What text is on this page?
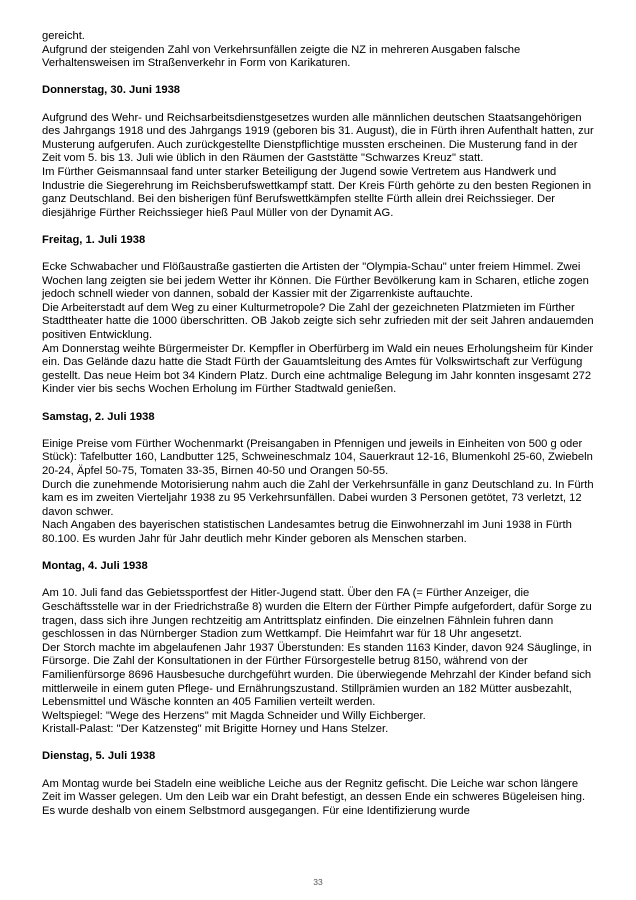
gereicht.
Aufgrund der steigenden Zahl von Verkehrsunfällen zeigte die NZ in mehreren Ausgaben falsche Verhaltensweisen im Straßenverkehr in Form von Karikaturen.
Donnerstag, 30. Juni 1938
Aufgrund des Wehr- und Reichsarbeitsdienstgesetzes wurden alle männlichen deutschen Staatsangehörigen des Jahrgangs 1918 und des Jahrgangs 1919 (geboren bis 31. August), die in Fürth ihren Aufenthalt hatten, zur Musterung aufgerufen. Auch zurückgestellte Dienstpflichtige mussten erscheinen. Die Musterung fand in der Zeit vom 5. bis 13. Juli wie üblich in den Räumen der Gaststätte "Schwarzes Kreuz" statt.
Im Fürther Geismannsaal fand unter starker Beteiligung der Jugend sowie Vertretem aus Handwerk und Industrie die Siegerehrung im Reichsberufswettkampf statt. Der Kreis Fürth gehörte zu den besten Regionen in ganz Deutschland. Bei den bisherigen fünf Berufswettkämpfen stellte Fürth allein drei Reichssieger. Der diesjährige Fürther Reichssieger hieß Paul Müller von der Dynamit AG.
Freitag, 1. Juli 1938
Ecke Schwabacher und Flößaustraße gastierten die Artisten der "Olympia-Schau" unter freiem Himmel. Zwei Wochen lang zeigten sie bei jedem Wetter ihr Können. Die Fürther Bevölkerung kam in Scharen, etliche zogen jedoch schnell wieder von dannen, sobald der Kassier mit der Zigarrenkiste auftauchte.
Die Arbeiterstadt auf dem Weg zu einer Kulturmetropole? Die Zahl der gezeichneten Platzmieten im Fürther Stadttheater hatte die 1000 überschritten. OB Jakob zeigte sich sehr zufrieden mit der seit Jahren andauemden positiven Entwicklung.
Am Donnerstag weihte Bürgermeister Dr. Kempfler in Oberfürberg im Wald ein neues Erholungsheim für Kinder ein. Das Gelände dazu hatte die Stadt Fürth der Gauamtsleitung des Amtes für Volkswirtschaft zur Verfügung gestellt. Das neue Heim bot 34 Kindern Platz. Durch eine achtmalige Belegung im Jahr konnten insgesamt 272 Kinder vier bis sechs Wochen Erholung im Fürther Stadtwald genießen.
Samstag, 2. Juli 1938
Einige Preise vom Fürther Wochenmarkt (Preisangaben in Pfennigen und jeweils in Einheiten von 500 g oder Stück): Tafelbutter 160, Landbutter 125, Schweineschmalz 104, Sauerkraut 12-16, Blumenkohl 25-60, Zwiebeln 20-24, Äpfel 50-75, Tomaten 33-35, Birnen 40-50 und Orangen 50-55.
Durch die zunehmende Motorisierung nahm auch die Zahl der Verkehrsunfälle in ganz Deutschland zu. In Fürth kam es im zweiten Vierteljahr 1938 zu 95 Verkehrsunfällen. Dabei wurden 3 Personen getötet, 73 verletzt, 12 davon schwer.
Nach Angaben des bayerischen statistischen Landesamtes betrug die Einwohnerzahl im Juni 1938 in Fürth 80.100. Es wurden Jahr für Jahr deutlich mehr Kinder geboren als Menschen starben.
Montag, 4. Juli 1938
Am 10. Juli fand das Gebietssportfest der Hitler-Jugend statt. Über den FA (= Fürther Anzeiger, die Geschäftsstelle war in der Friedrichstraße 8) wurden die Eltern der Fürther Pimpfe aufgefordert, dafür Sorge zu tragen, dass sich ihre Jungen rechtzeitig am Antrittsplatz einfinden. Die einzelnen Fähnlein fuhren dann geschlossen in das Nürnberger Stadion zum Wettkampf. Die Heimfahrt war für 18 Uhr angesetzt.
Der Storch machte im abgelaufenen Jahr 1937 Überstunden: Es standen 1163 Kinder, davon 924 Säuglinge, in Fürsorge. Die Zahl der Konsultationen in der Fürther Fürsorgestelle betrug 8150, während von der Familienfürsorge 8696 Hausbesuche durchgeführt wurden. Die überwiegende Mehrzahl der Kinder befand sich mittlerweile in einem guten Pflege- und Ernährungszustand. Stillprämien wurden an 182 Mütter ausbezahlt, Lebensmittel und Wäsche konnten an 405 Familien verteilt werden.
Weltspiegel: "Wege des Herzens" mit Magda Schneider und Willy Eichberger.
Kristall-Palast: "Der Katzensteg" mit Brigitte Horney und Hans Stelzer.
Dienstag, 5. Juli 1938
Am Montag wurde bei Stadeln eine weibliche Leiche aus der Regnitz gefischt. Die Leiche war schon längere Zeit im Wasser gelegen. Um den Leib war ein Draht befestigt, an dessen Ende ein schweres Bügeleisen hing. Es wurde deshalb von einem Selbstmord ausgegangen. Für eine Identifizierung wurde
33
